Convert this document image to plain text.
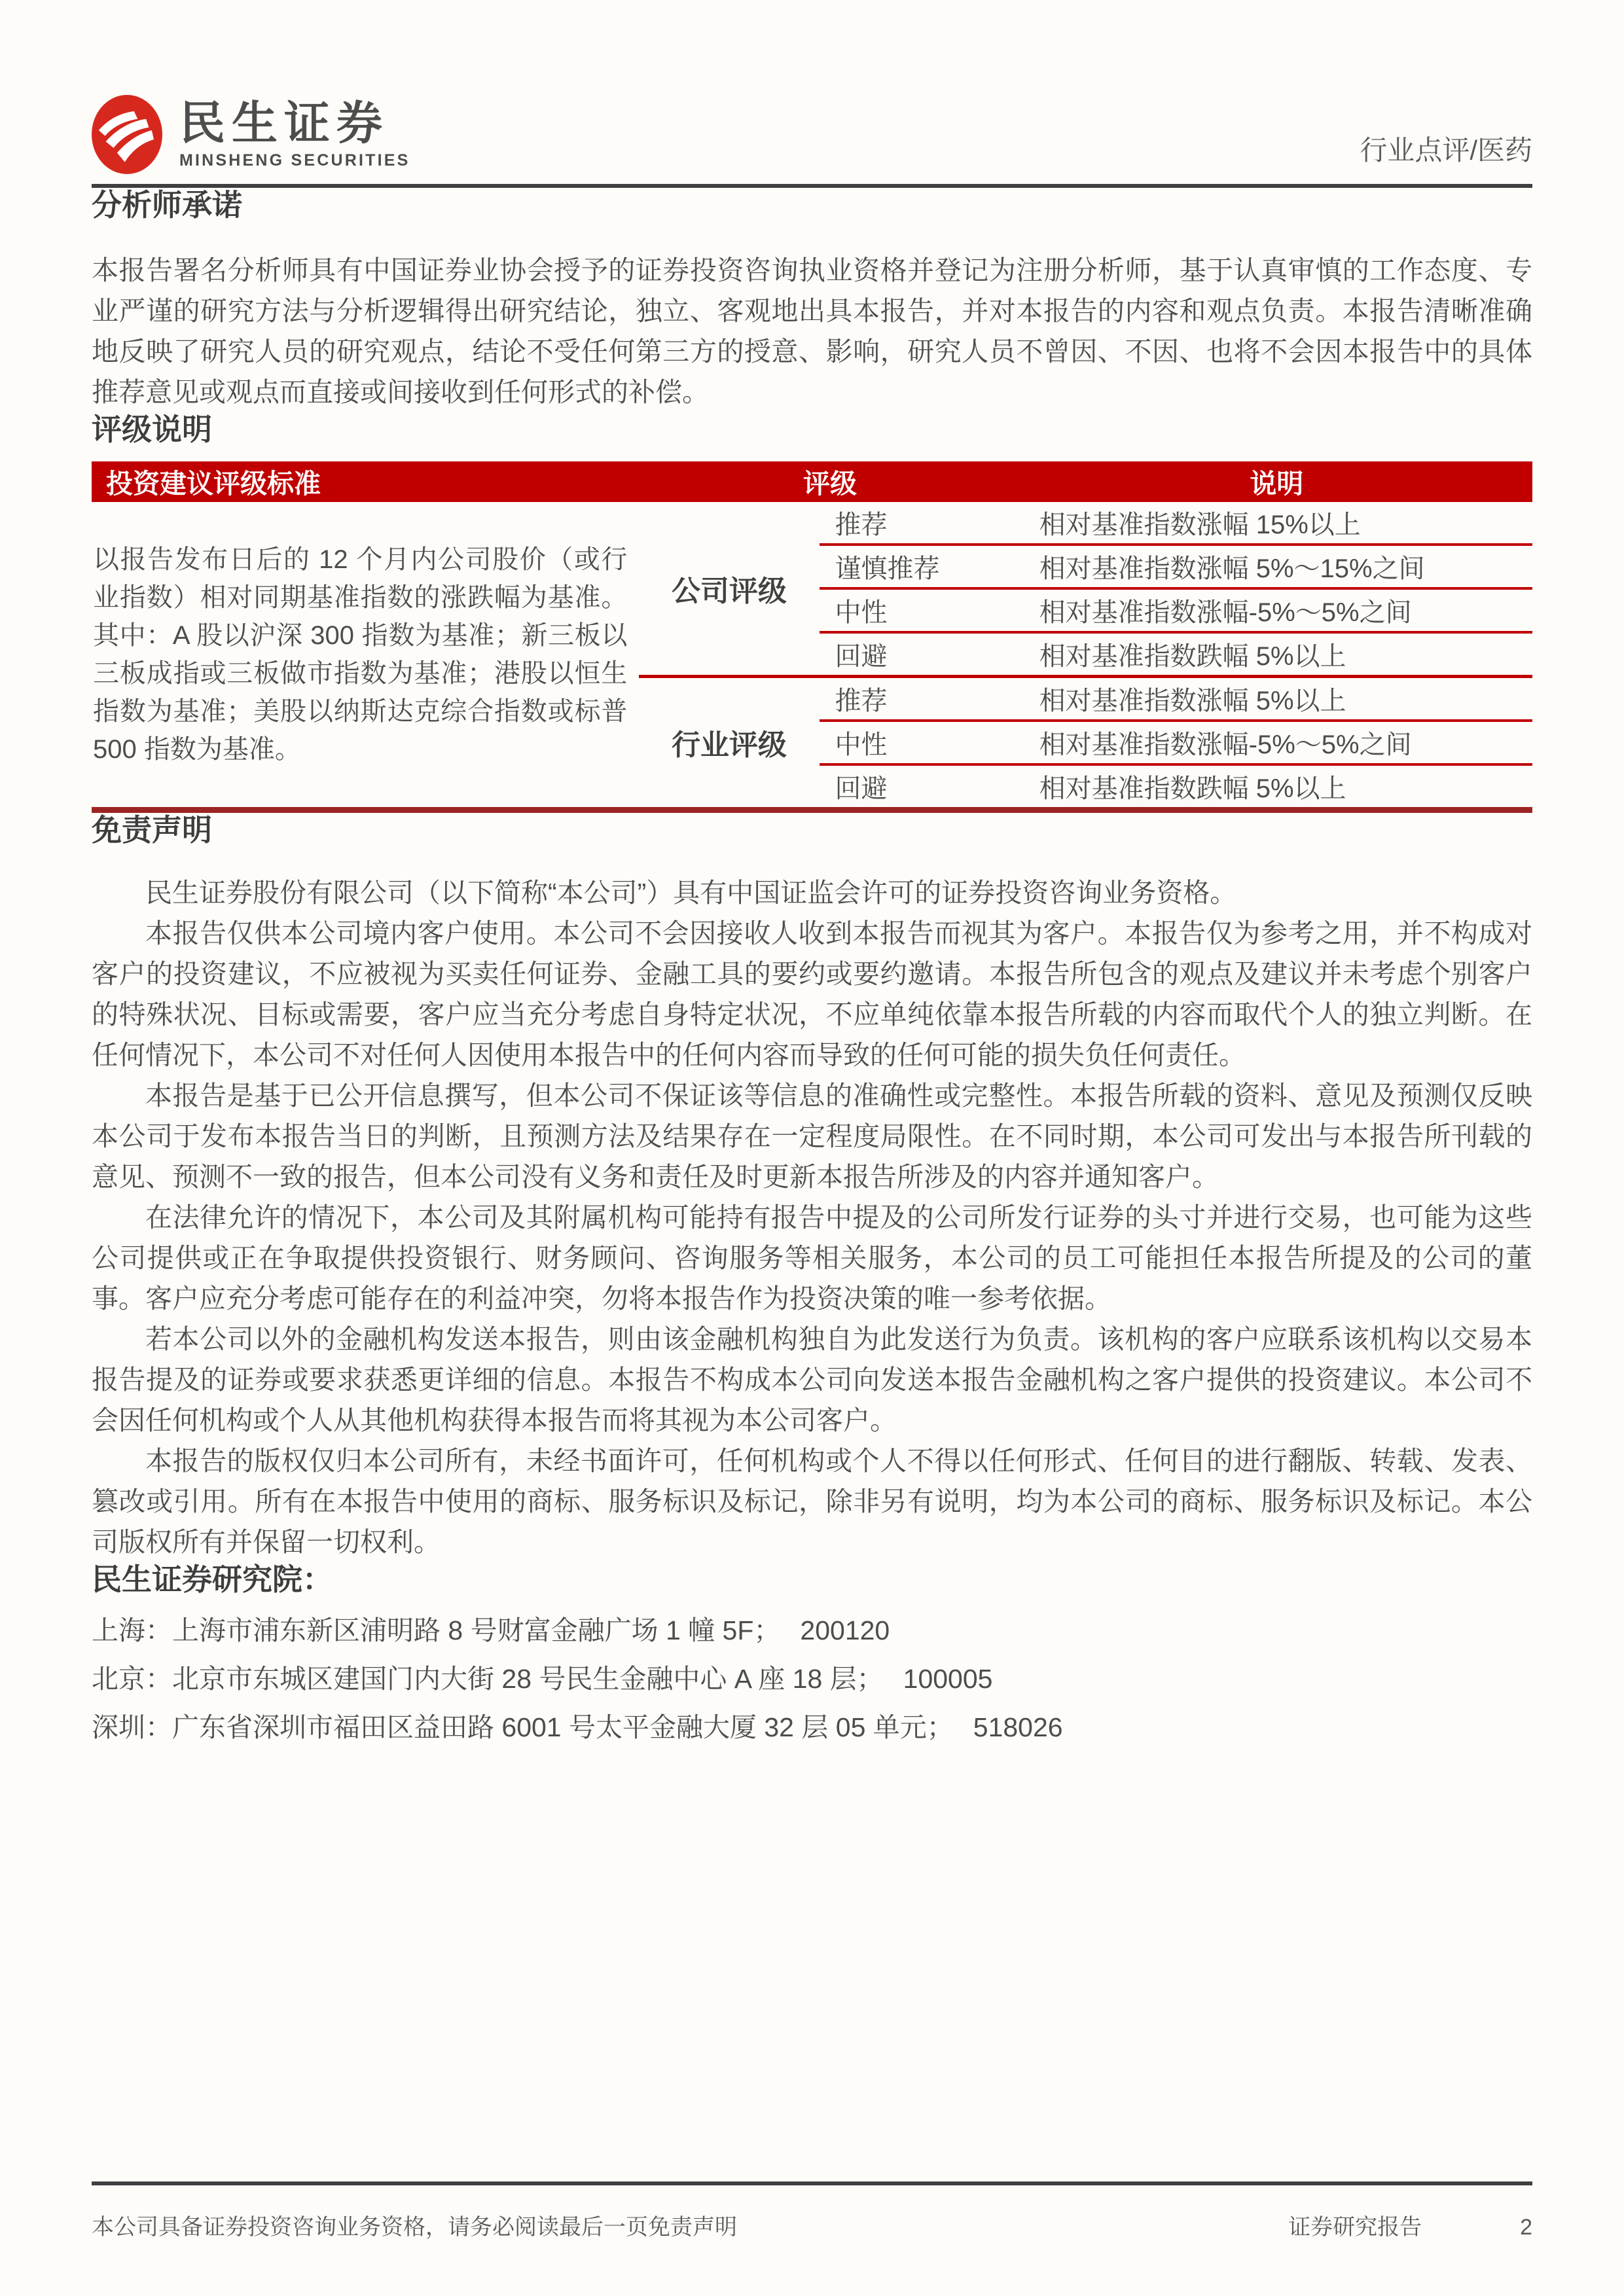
民生证券
MINSHENG SECURITIES	行业点评/医药
分析师承诺

本报告署名分析师具有中国证券业协会授予的证券投资咨询执业资格并登记为注册分析师，基于认真审慎的工作态度、专业严谨的研究方法与分析逻辑得出研究结论，独立、客观地出具本报告，并对本报告的内容和观点负责。本报告清晰准确地反映了研究人员的研究观点，结论不受任何第三方的授意、影响，研究人员不曾因、不因、也将不会因本报告中的具体推荐意见或观点而直接或间接收到任何形式的补偿。

评级说明
投资建议评级标准	评级		说明
以报告发布日后的 12 个月内公司股价（或行业指数）相对同期基准指数的涨跌幅为基准。其中：A 股以沪深 300 指数为基准；新三板以三板成指或三板做市指数为基准；港股以恒生指数为基准；美股以纳斯达克综合指数或标普 500 指数为基准。	公司评级	推荐	相对基准指数涨幅 15%以上
		谨慎推荐	相对基准指数涨幅 5%～15%之间
		中性	相对基准指数涨幅-5%～5%之间
		回避	相对基准指数跌幅 5%以上
	行业评级	推荐	相对基准指数涨幅 5%以上
		中性	相对基准指数涨幅-5%～5%之间
		回避	相对基准指数跌幅 5%以上
免责声明

民生证券股份有限公司（以下简称“本公司”）具有中国证监会许可的证券投资咨询业务资格。

本报告仅供本公司境内客户使用。本公司不会因接收人收到本报告而视其为客户。本报告仅为参考之用，并不构成对客户的投资建议，不应被视为买卖任何证券、金融工具的要约或要约邀请。本报告所包含的观点及建议并未考虑个别客户的特殊状况、目标或需要，客户应当充分考虑自身特定状况，不应单纯依靠本报告所载的内容而取代个人的独立判断。在任何情况下，本公司不对任何人因使用本报告中的任何内容而导致的任何可能的损失负任何责任。

本报告是基于已公开信息撰写，但本公司不保证该等信息的准确性或完整性。本报告所载的资料、意见及预测仅反映本公司于发布本报告当日的判断，且预测方法及结果存在一定程度局限性。在不同时期，本公司可发出与本报告所刊载的意见、预测不一致的报告，但本公司没有义务和责任及时更新本报告所涉及的内容并通知客户。

在法律允许的情况下，本公司及其附属机构可能持有报告中提及的公司所发行证券的头寸并进行交易，也可能为这些公司提供或正在争取提供投资银行、财务顾问、咨询服务等相关服务，本公司的员工可能担任本报告所提及的公司的董事。客户应充分考虑可能存在的利益冲突，勿将本报告作为投资决策的唯一参考依据。

若本公司以外的金融机构发送本报告，则由该金融机构独自为此发送行为负责。该机构的客户应联系该机构以交易本报告提及的证券或要求获悉更详细的信息。本报告不构成本公司向发送本报告金融机构之客户提供的投资建议。本公司不会因任何机构或个人从其他机构获得本报告而将其视为本公司客户。

本报告的版权仅归本公司所有，未经书面许可，任何机构或个人不得以任何形式、任何目的进行翻版、转载、发表、篡改或引用。所有在本报告中使用的商标、服务标识及标记，除非另有说明，均为本公司的商标、服务标识及标记。本公司版权所有并保留一切权利。

民生证券研究院：
上海：上海市浦东新区浦明路 8 号财富金融广场 1 幢 5F； 200120
北京：北京市东城区建国门内大街 28 号民生金融中心 A 座 18 层； 100005
深圳：广东省深圳市福田区益田路 6001 号太平金融大厦 32 层 05 单元； 518026
本公司具备证券投资咨询业务资格，请务必阅读最后一页免责声明	证券研究报告	2
